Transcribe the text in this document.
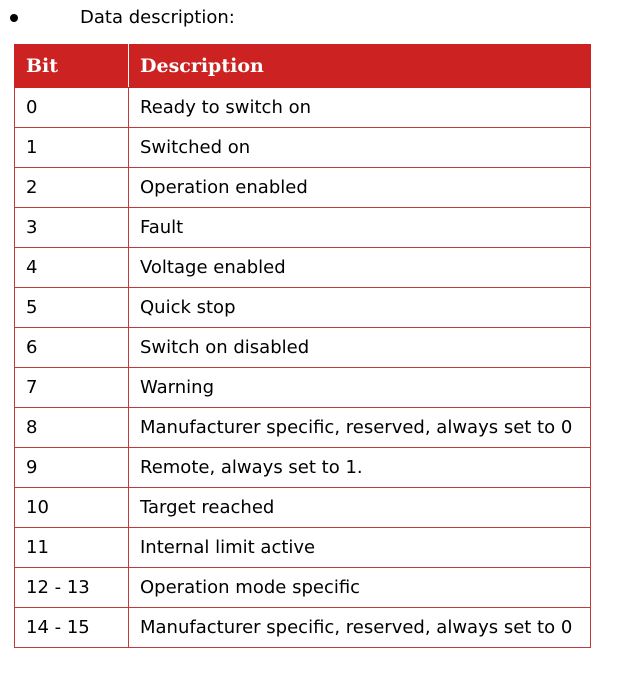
Data description:
Bit	Description
0	Ready to switch on
1	Switched on
2	Operation enabled
3	Fault
4	Voltage enabled
5	Quick stop
6	Switch on disabled
7	Warning
8	Manufacturer specific, reserved, always set to 0
9	Remote, always set to 1.
10	Target reached
11	Internal limit active
12 - 13	Operation mode specific
14 - 15	Manufacturer specific, reserved, always set to 0
